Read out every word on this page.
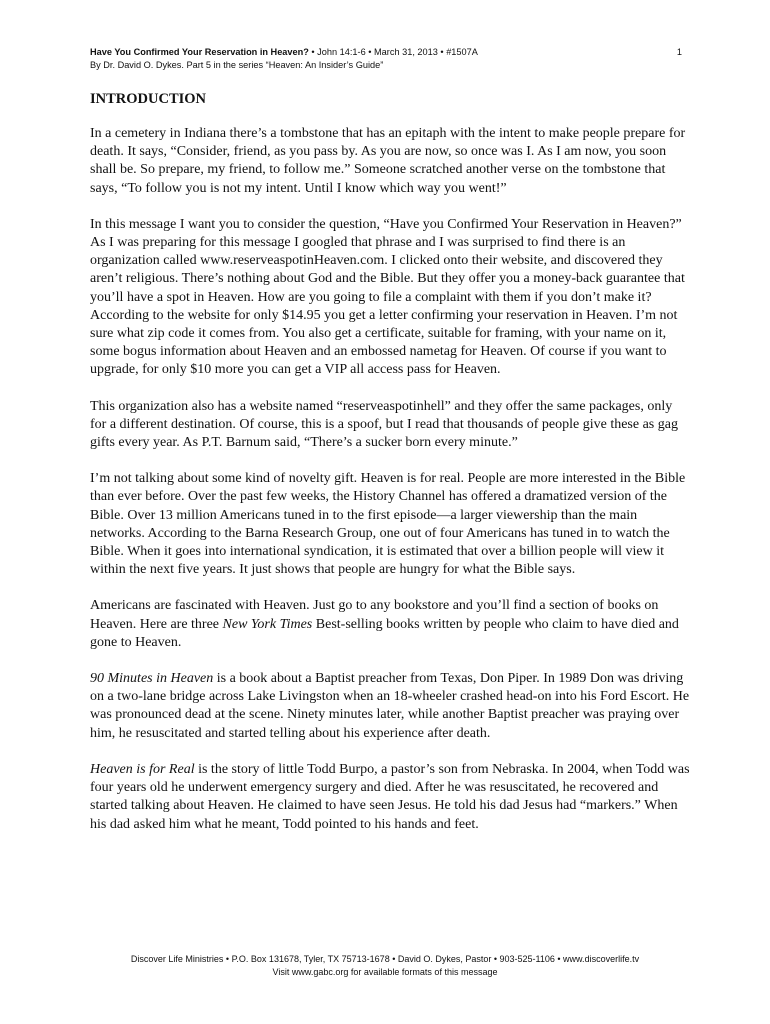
Have You Confirmed Your Reservation in Heaven? • John 14:1-6 • March 31, 2013 • #1507A
By Dr. David O. Dykes. Part 5 in the series “Heaven: An Insider’s Guide”
1
INTRODUCTION

In a cemetery in Indiana there’s a tombstone that has an epitaph with the intent to make people prepare for death. It says, “Consider, friend, as you pass by. As you are now, so once was I. As I am now, you soon shall be. So prepare, my friend, to follow me.” Someone scratched another verse on the tombstone that says, “To follow you is not my intent. Until I know which way you went!”

In this message I want you to consider the question, “Have you Confirmed Your Reservation in Heaven?” As I was preparing for this message I googled that phrase and I was surprised to find there is an organization called www.reserveaspotinHeaven.com. I clicked onto their website, and discovered they aren’t religious. There’s nothing about God and the Bible. But they offer you a money-back guarantee that you’ll have a spot in Heaven. How are you going to file a complaint with them if you don’t make it? According to the website for only $14.95 you get a letter confirming your reservation in Heaven. I’m not sure what zip code it comes from. You also get a certificate, suitable for framing, with your name on it, some bogus information about Heaven and an embossed nametag for Heaven. Of course if you want to upgrade, for only $10 more you can get a VIP all access pass for Heaven.

This organization also has a website named “reserveaspotinhell” and they offer the same packages, only for a different destination. Of course, this is a spoof, but I read that thousands of people give these as gag gifts every year. As P.T. Barnum said, “There’s a sucker born every minute.”

I’m not talking about some kind of novelty gift. Heaven is for real. People are more interested in the Bible than ever before. Over the past few weeks, the History Channel has offered a dramatized version of the Bible. Over 13 million Americans tuned in to the first episode—a larger viewership than the main networks. According to the Barna Research Group, one out of four Americans has tuned in to watch the Bible. When it goes into international syndication, it is estimated that over a billion people will view it within the next five years. It just shows that people are hungry for what the Bible says.

Americans are fascinated with Heaven. Just go to any bookstore and you’ll find a section of books on Heaven. Here are three New York Times Best-selling books written by people who claim to have died and gone to Heaven.

90 Minutes in Heaven is a book about a Baptist preacher from Texas, Don Piper. In 1989 Don was driving on a two-lane bridge across Lake Livingston when an 18-wheeler crashed head-on into his Ford Escort. He was pronounced dead at the scene. Ninety minutes later, while another Baptist preacher was praying over him, he resuscitated and started telling about his experience after death.

Heaven is for Real is the story of little Todd Burpo, a pastor’s son from Nebraska. In 2004, when Todd was four years old he underwent emergency surgery and died. After he was resuscitated, he recovered and started talking about Heaven. He claimed to have seen Jesus. He told his dad Jesus had “markers.” When his dad asked him what he meant, Todd pointed to his hands and feet.

Discover Life Ministries • P.O. Box 131678, Tyler, TX 75713-1678 • David O. Dykes, Pastor • 903-525-1106 • www.discoverlife.tv
Visit www.gabc.org for available formats of this message
